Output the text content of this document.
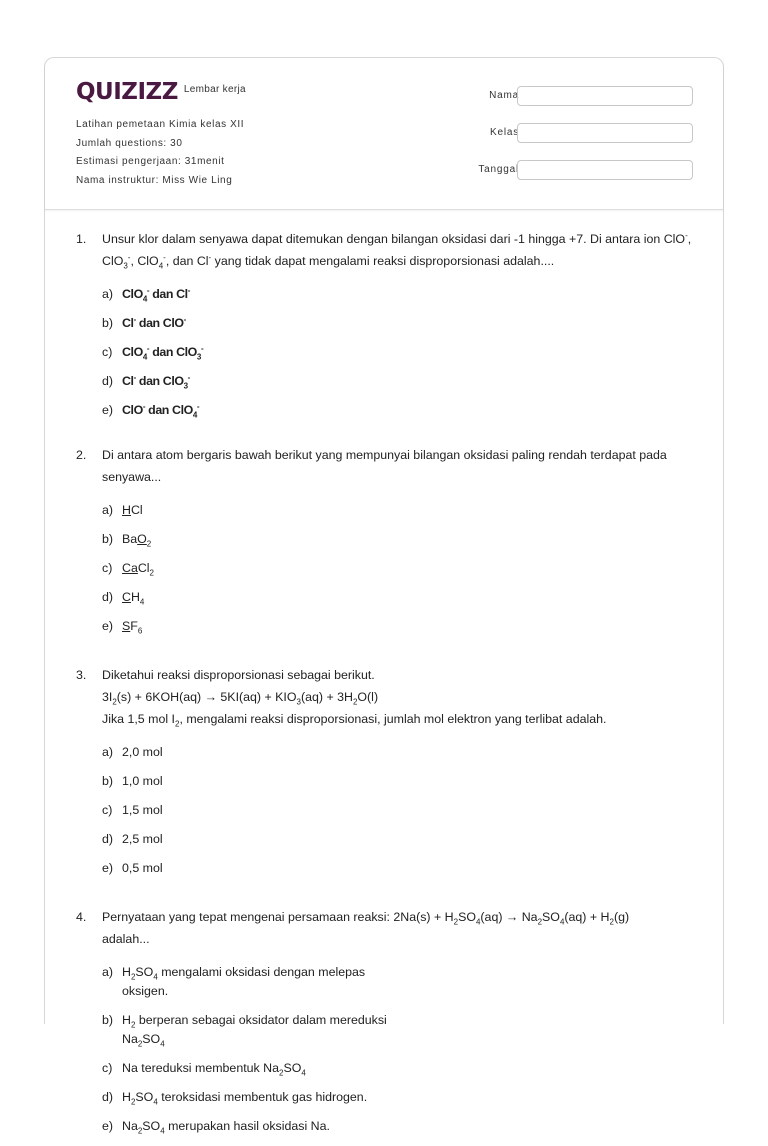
QUIZIZZ Lembar kerja
Latihan pemetaan Kimia kelas XII
Jumlah questions: 30
Estimasi pengerjaan: 31menit
Nama instruktur: Miss Wie Ling
Nama
Kelas
Tanggal
1. Unsur klor dalam senyawa dapat ditemukan dengan bilangan oksidasi dari -1 hingga +7. Di antara ion ClO-, ClO$_3$-, ClO$_4$-, dan Cl- yang tidak dapat mengalami reaksi disproporsionasi adalah....
a) ClO$_4$- dan Cl-
b) Cl- dan ClO-
c) ClO$_4$- dan ClO$_3$-
d) Cl- dan ClO$_3$-
e) ClO- dan ClO$_4$-
2. Di antara atom bergaris bawah berikut yang mempunyai bilangan oksidasi paling rendah terdapat pada senyawa...
a) HCl
b) BaO$_2$
c) CaCl$_2$
d) $CH_4$
e) $SF_6$
3. Diketahui reaksi disproporsionasi sebagai berikut.
$3I_2(s) + 6KOH(aq) \to 5KI(aq) + KIO_3(aq) + 3H_2O(l)$
Jika 1,5 mol $I_2$, mengalami reaksi disproporsionasi, jumlah mol elektron yang terlibat adalah.
a) 2,0 mol
b) 1,0 mol
c) 1,5 mol
d) 2,5 mol
e) 0,5 mol
4. Pernyataan yang tepat mengenai persamaan reaksi: $2Na(s) + H_2SO_4(aq) \to Na_2SO_4(aq) + H_2(g)$
adalah...
a) $H_2SO_4$ mengalami oksidasi dengan melepas oksigen.
b) $H_2$ berperan sebagai oksidator dalam mereduksi $Na_2SO_4$
c) Na tereduksi membentuk $Na_2SO_4$
d) $H_2SO_4$ teroksidasi membentuk gas hidrogen.
e) $Na_2SO_4$ merupakan hasil oksidasi Na.
